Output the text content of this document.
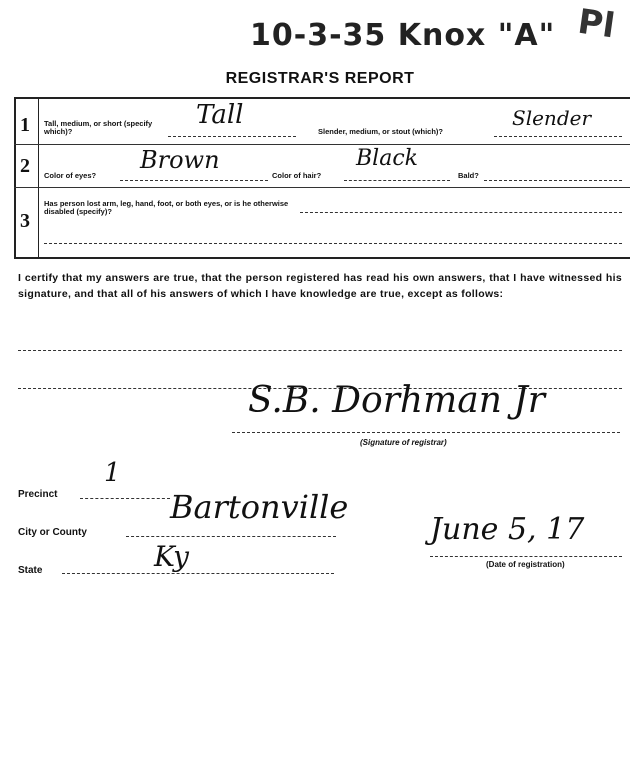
10-3-35 Knox "A" Pl
REGISTRAR'S REPORT
1 Tall, medium, or short (specify which)?
Tall
Slender, medium, or stout (which)?
Slender
2 Color of eyes?
Brown
Color of hair?
Black
Bald?
3
Has person lost arm, leg, hand, foot, or both eyes, or is he otherwise disabled (specify)?
I certify that my answers are true, that the person registered has read his own answers, that I have witnessed his signature, and that all of his answers of which I have knowledge are true, except as follows:
S.B. Dorhman Jr
(Signature of registrar)
1
Precinct	Bartonville
City or County
Ky
State
June 5, 17
(Date of registration)
